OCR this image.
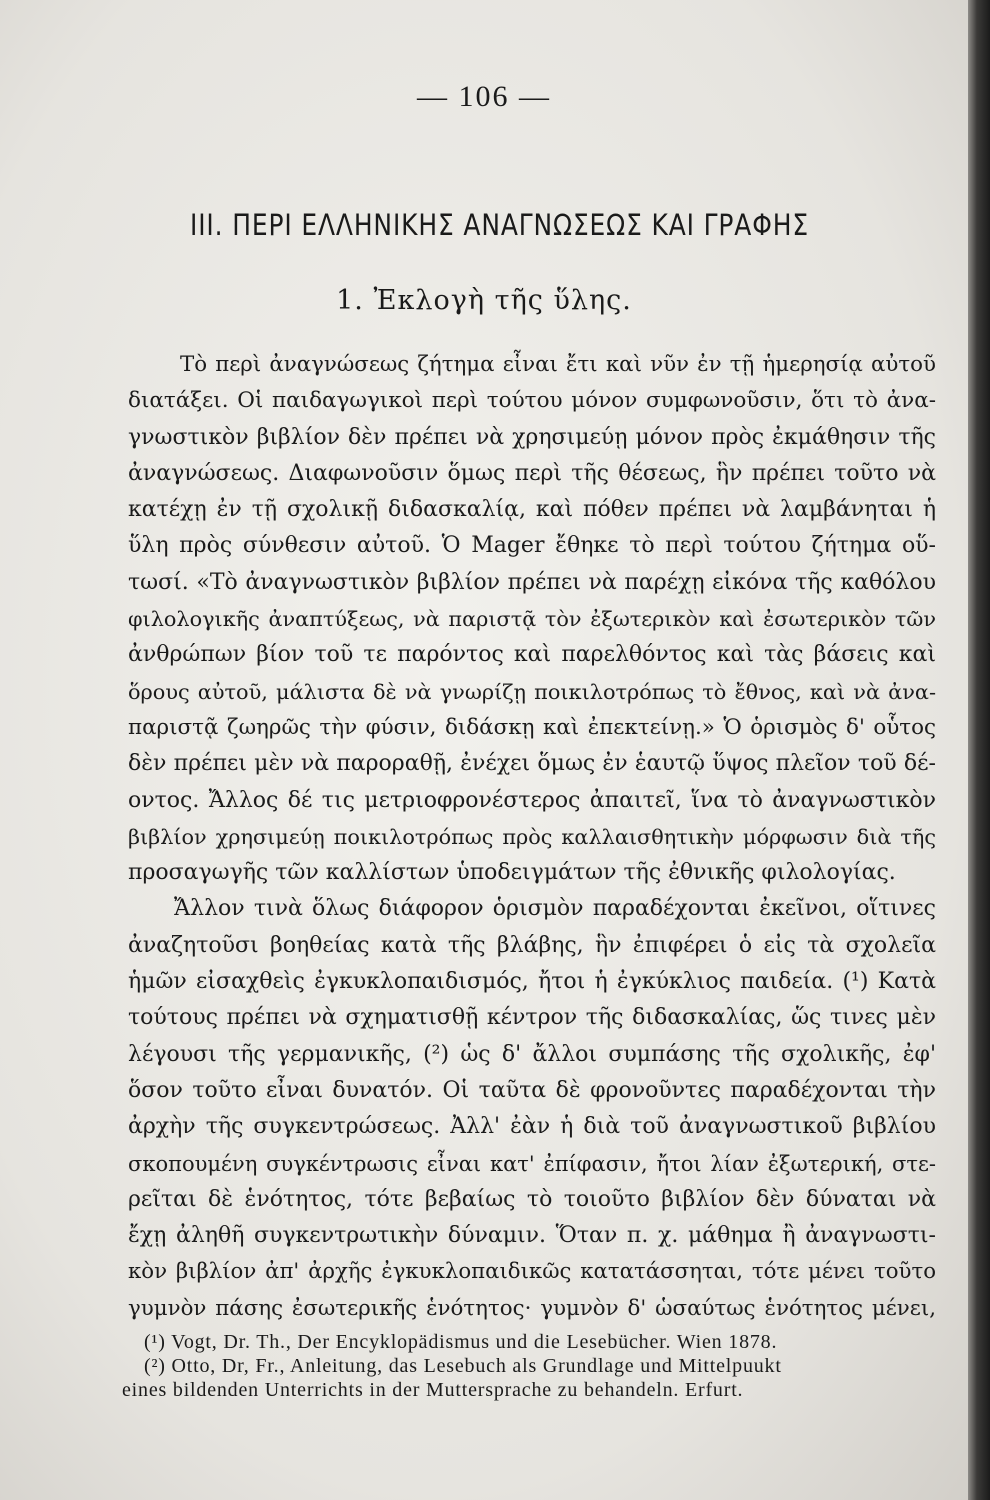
— 106 —
III. ΠΕΡΙ ΕΛΛΗΝΙΚΗΣ ΑΝΑΓΝΩΣΕΩΣ ΚΑΙ ΓΡΑΦΗΣ
1. Ἐκλογὴ τῆς ὕλης.
Τὸ περὶ ἀναγνώσεως ζήτημα εἶναι ἔτι καὶ νῦν ἐν τῇ ἡμερησίᾳ αὐτοῦ
διατάξει. Οἱ παιδαγωγικοὶ περὶ τούτου μόνον συμφωνοῦσιν, ὅτι τὸ ἀνα-
γνωστικὸν βιβλίον δὲν πρέπει νὰ χρησιμεύῃ μόνον πρὸς ἐκμάθησιν τῆς
ἀναγνώσεως. Διαφωνοῦσιν ὅμως περὶ τῆς θέσεως, ἣν πρέπει τοῦτο νὰ
κατέχῃ ἐν τῇ σχολικῇ διδασκαλίᾳ, καὶ πόθεν πρέπει νὰ λαμβάνηται ἡ
ὕλη πρὸς σύνθεσιν αὐτοῦ. Ὁ Mager ἔθηκε τὸ περὶ τούτου ζήτημα οὕ-
τωσί. «Τὸ ἀναγνωστικὸν βιβλίον πρέπει νὰ παρέχῃ εἰκόνα τῆς καθόλου
φιλολογικῆς ἀναπτύξεως, νὰ παριστᾷ τὸν ἐξωτερικὸν καὶ ἐσωτερικὸν τῶν
ἀνθρώπων βίον τοῦ τε παρόντος καὶ παρελθόντος καὶ τὰς βάσεις καὶ
ὅρους αὐτοῦ, μάλιστα δὲ νὰ γνωρίζῃ ποικιλοτρόπως τὸ ἔθνος, καὶ νὰ ἀνα-
παριστᾷ ζωηρῶς τὴν φύσιν, διδάσκῃ καὶ ἐπεκτείνῃ.» Ὁ ὁρισμὸς δ' οὗτος
δὲν πρέπει μὲν νὰ παροραθῇ, ἐνέχει ὅμως ἐν ἑαυτῷ ὕψος πλεῖον τοῦ δέ-
οντος. Ἄλλος δέ τις μετριοφρονέστερος ἀπαιτεῖ, ἵνα τὸ ἀναγνωστικὸν
βιβλίον χρησιμεύῃ ποικιλοτρόπως πρὸς καλλαισθητικὴν μόρφωσιν διὰ τῆς
προσαγωγῆς τῶν καλλίστων ὑποδειγμάτων τῆς ἐθνικῆς φιλολογίας.
Ἄλλον τινὰ ὅλως διάφορον ὁρισμὸν παραδέχονται ἐκεῖνοι, οἵτινες
ἀναζητοῦσι βοηθείας κατὰ τῆς βλάβης, ἣν ἐπιφέρει ὁ εἰς τὰ σχολεῖα
ἡμῶν εἰσαχθεὶς ἐγκυκλοπαιδισμός, ἤτοι ἡ ἐγκύκλιος παιδεία. (¹) Κατὰ
τούτους πρέπει νὰ σχηματισθῇ κέντρον τῆς διδασκαλίας, ὥς τινες μὲν
λέγουσι τῆς γερμανικῆς, (²) ὡς δ' ἄλλοι συμπάσης τῆς σχολικῆς, ἐφ'
ὅσον τοῦτο εἶναι δυνατόν. Οἱ ταῦτα δὲ φρονοῦντες παραδέχονται τὴν
ἀρχὴν τῆς συγκεντρώσεως. Ἀλλ' ἐὰν ἡ διὰ τοῦ ἀναγνωστικοῦ βιβλίου
σκοπουμένη συγκέντρωσις εἶναι κατ' ἐπίφασιν, ἤτοι λίαν ἐξωτερική, στε-
ρεῖται δὲ ἑνότητος, τότε βεβαίως τὸ τοιοῦτο βιβλίον δὲν δύναται νὰ
ἔχῃ ἀληθῆ συγκεντρωτικὴν δύναμιν. Ὅταν π. χ. μάθημα ἢ ἀναγνωστι-
κὸν βιβλίον ἀπ' ἀρχῆς ἐγκυκλοπαιδικῶς κατατάσσηται, τότε μένει τοῦτο
γυμνὸν πάσης ἐσωτερικῆς ἑνότητος· γυμνὸν δ' ὡσαύτως ἑνότητος μένει,
(¹) Vogt, Dr. Th., Der Encyklopädismus und die Lesebücher. Wien 1878.
(²) Otto, Dr, Fr., Anleitung, das Lesebuch als Grundlage und Mittelpuukt
eines bildenden Unterrichts in der Muttersprache zu behandeln. Erfurt.
